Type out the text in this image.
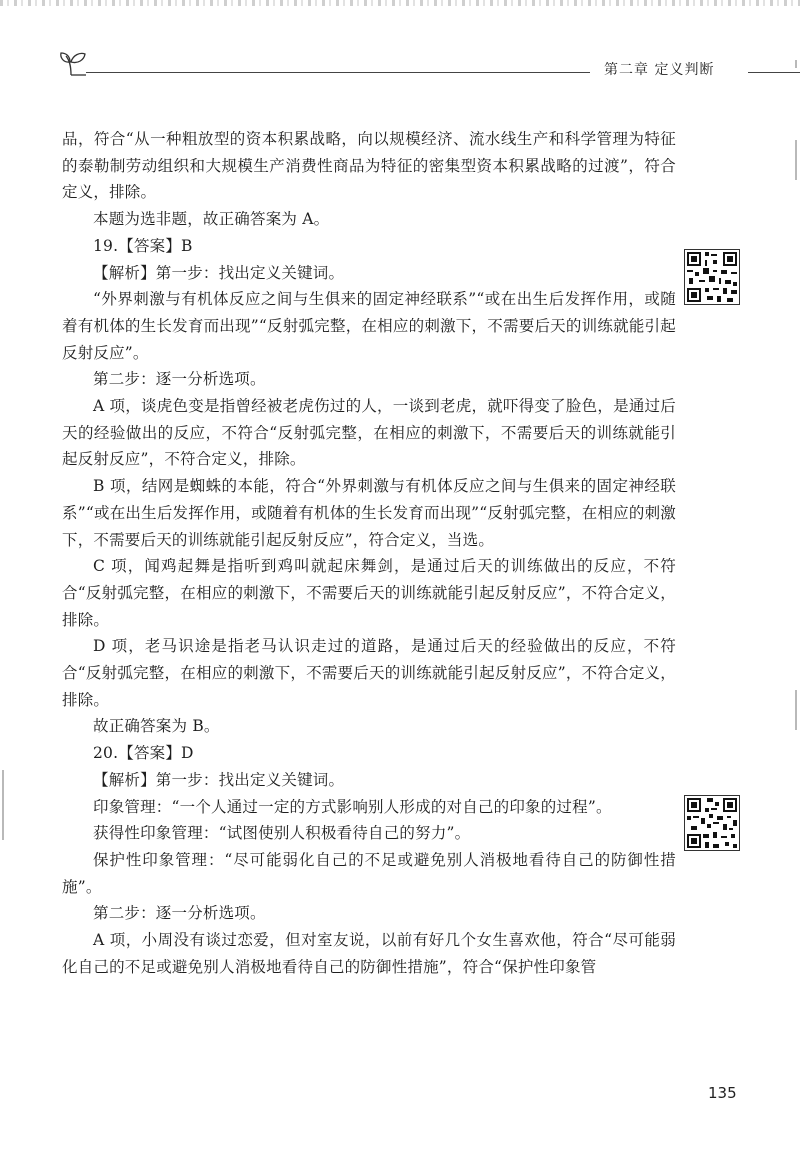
第二章 定义判断

品，符合“从一种粗放型的资本积累战略，向以规模经济、流水线生产和科学管理为特征的泰勒制劳动组织和大规模生产消费性商品为特征的密集型资本积累战略的过渡”，符合定义，排除。

本题为选非题，故正确答案为 A。

19.【答案】B

【解析】第一步：找出定义关键词。

“外界刺激与有机体反应之间与生俱来的固定神经联系”“或在出生后发挥作用，或随着有机体的生长发育而出现”“反射弧完整，在相应的刺激下，不需要后天的训练就能引起反射反应”。

第二步：逐一分析选项。

A 项，谈虎色变是指曾经被老虎伤过的人，一谈到老虎，就吓得变了脸色，是通过后天的经验做出的反应，不符合“反射弧完整，在相应的刺激下，不需要后天的训练就能引起反射反应”，不符合定义，排除。

B 项，结网是蜘蛛的本能，符合“外界刺激与有机体反应之间与生俱来的固定神经联系”“或在出生后发挥作用，或随着有机体的生长发育而出现”“反射弧完整，在相应的刺激下，不需要后天的训练就能引起反射反应”，符合定义，当选。

C 项，闻鸡起舞是指听到鸡叫就起床舞剑，是通过后天的训练做出的反应，不符合“反射弧完整，在相应的刺激下，不需要后天的训练就能引起反射反应”，不符合定义，排除。

D 项，老马识途是指老马认识走过的道路，是通过后天的经验做出的反应，不符合“反射弧完整，在相应的刺激下，不需要后天的训练就能引起反射反应”，不符合定义，排除。

故正确答案为 B。

20.【答案】D

【解析】第一步：找出定义关键词。

印象管理：“一个人通过一定的方式影响别人形成的对自己的印象的过程”。

获得性印象管理：“试图使别人积极看待自己的努力”。

保护性印象管理：“尽可能弱化自己的不足或避免别人消极地看待自己的防御性措施”。

第二步：逐一分析选项。

A 项，小周没有谈过恋爱，但对室友说，以前有好几个女生喜欢他，符合“尽可能弱化自己的不足或避免别人消极地看待自己的防御性措施”，符合“保护性印象管

135
